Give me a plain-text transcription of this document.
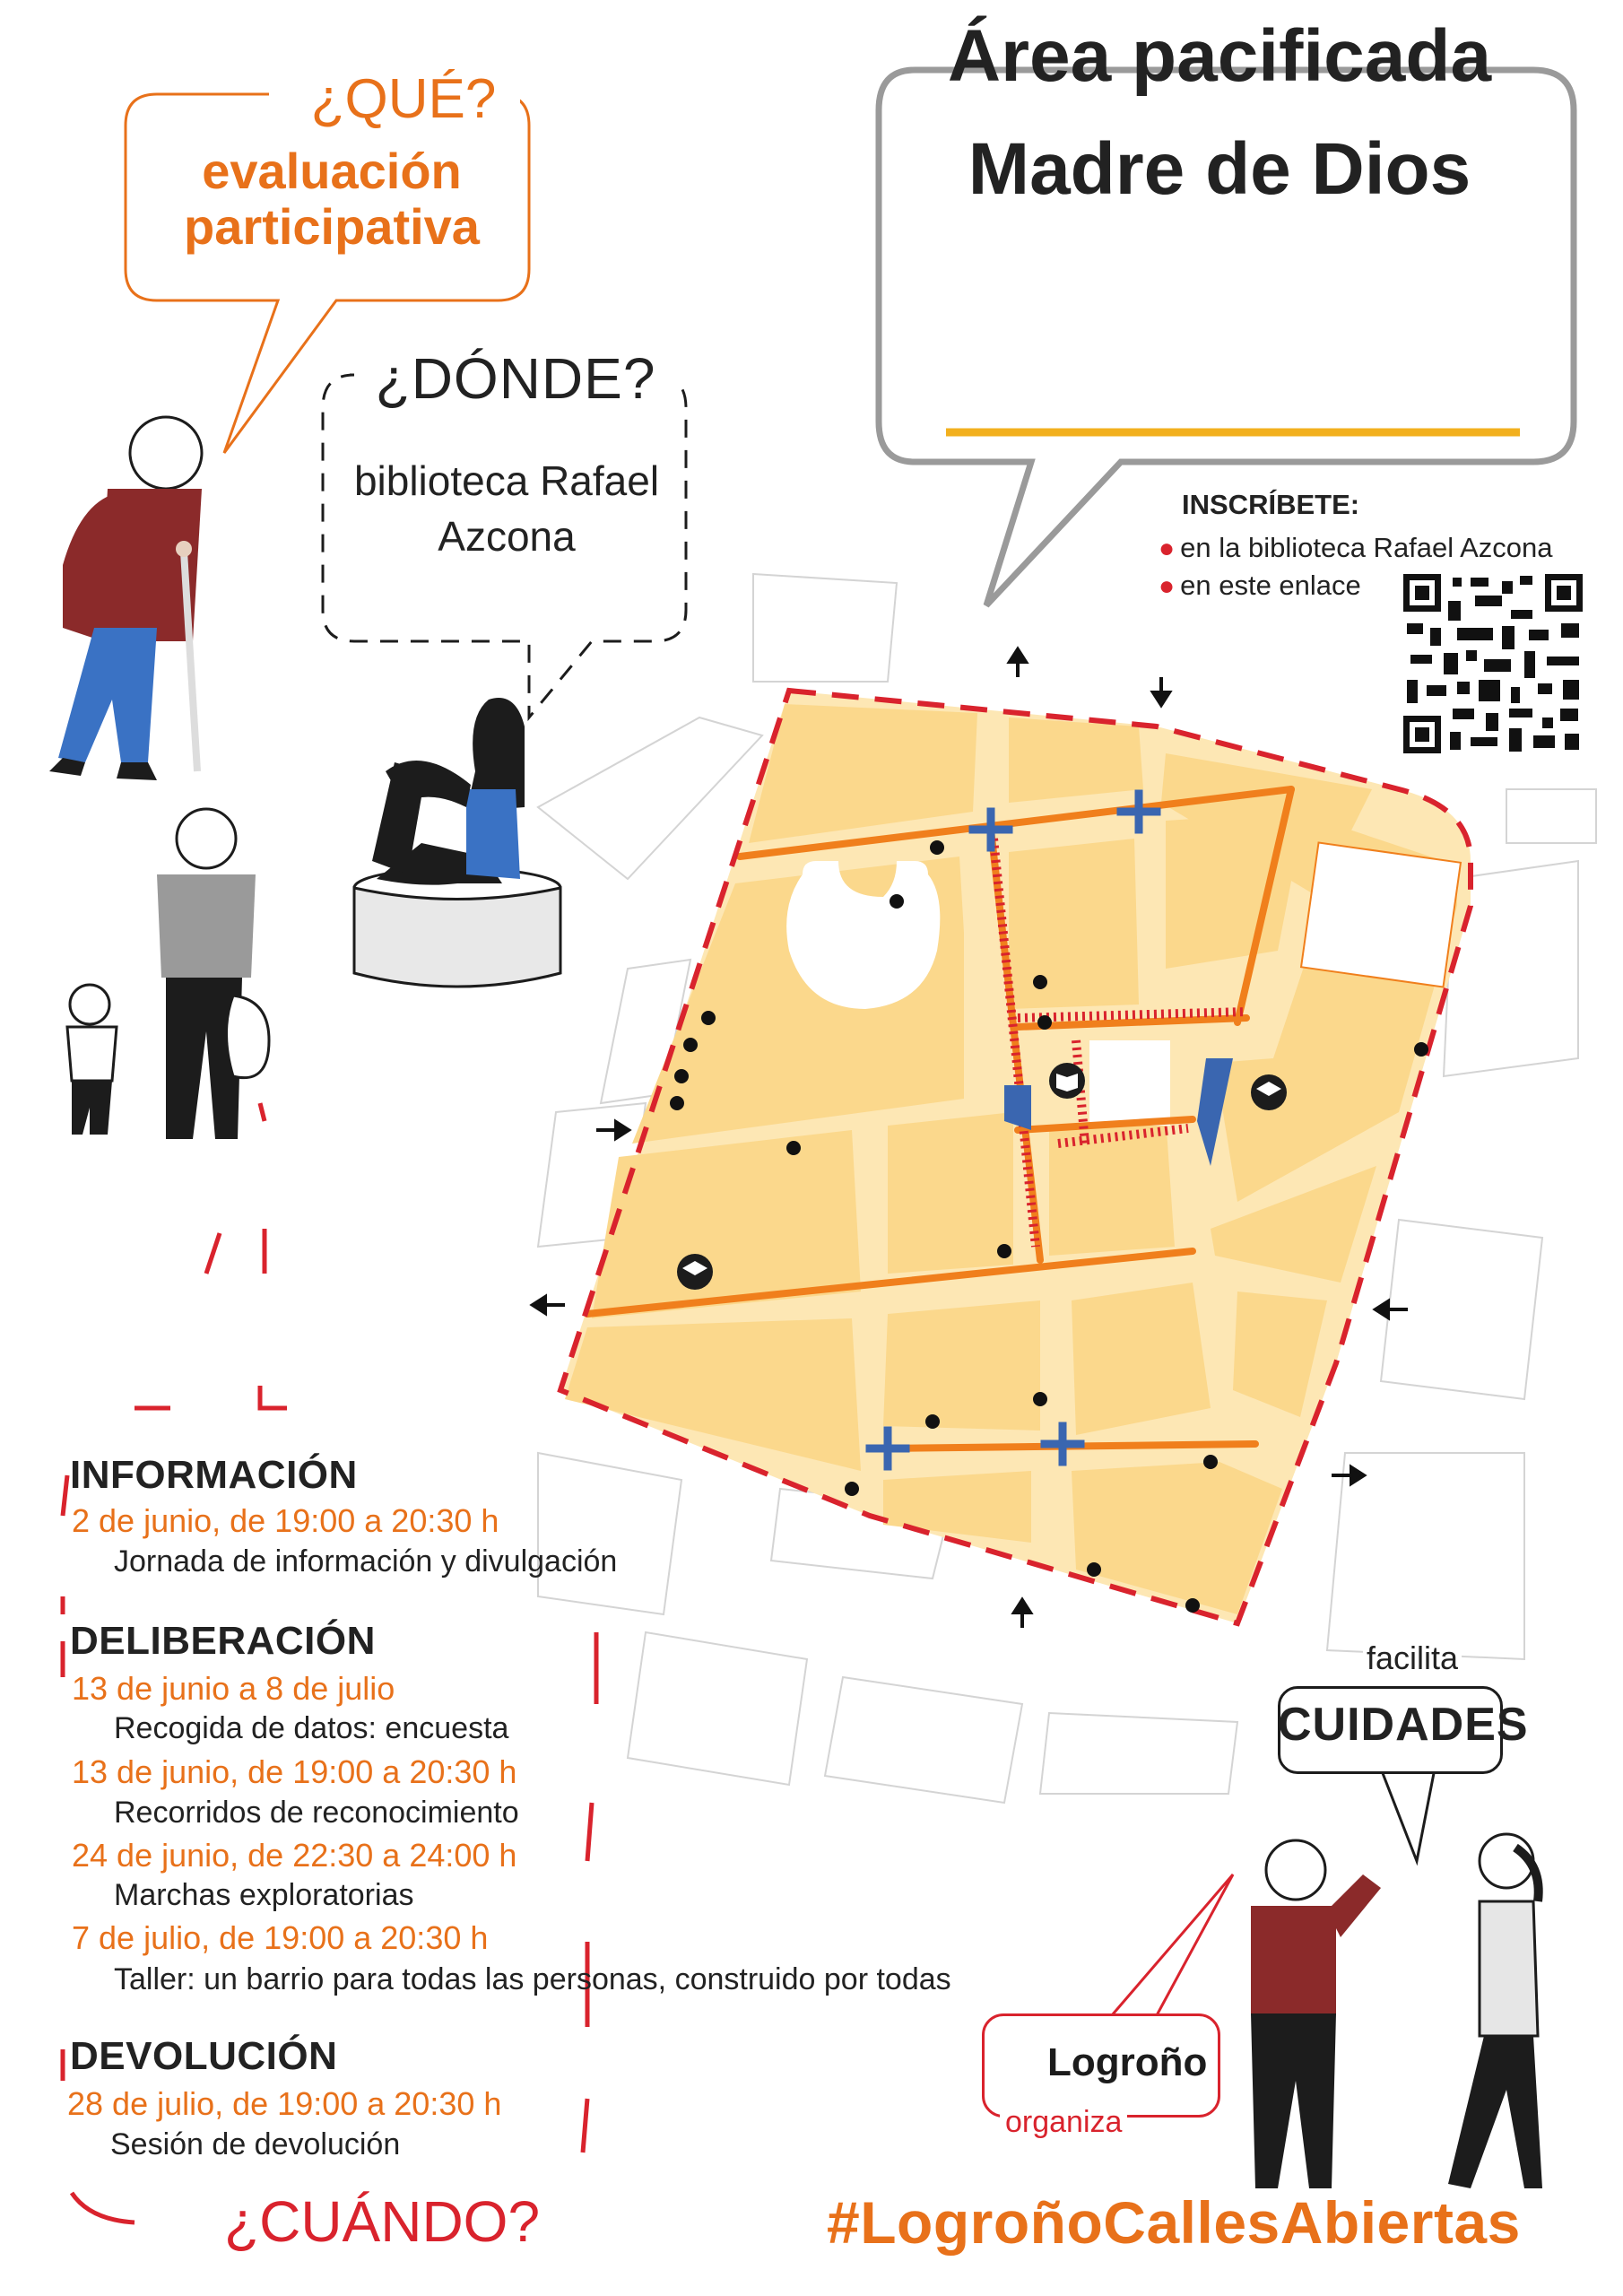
¿QUÉ?
evaluación participativa
¿DÓNDE?
biblioteca Rafael Azcona
Área pacificada Madre de Dios
INSCRÍBETE:
● en la biblioteca Rafael Azcona
● en este enlace
INFORMACIÓN
2 de junio, de 19:00 a 20:30 h
Jornada de información y divulgación
DELIBERACIÓN
13 de junio a 8 de julio
Recogida de datos: encuesta
13 de junio, de 19:00 a 20:30 h
Recorridos de reconocimiento
24 de junio, de 22:30 a 24:00 h
Marchas exploratorias
7 de julio, de 19:00 a 20:30 h
Taller: un barrio para todas las personas, construido por todas
DEVOLUCIÓN
28 de julio, de 19:00 a 20:30 h
Sesión de devolución
¿CUÁNDO?
facilita
CUIDADES
Logroño
organiza
#LogroñoCallesAbiertas
